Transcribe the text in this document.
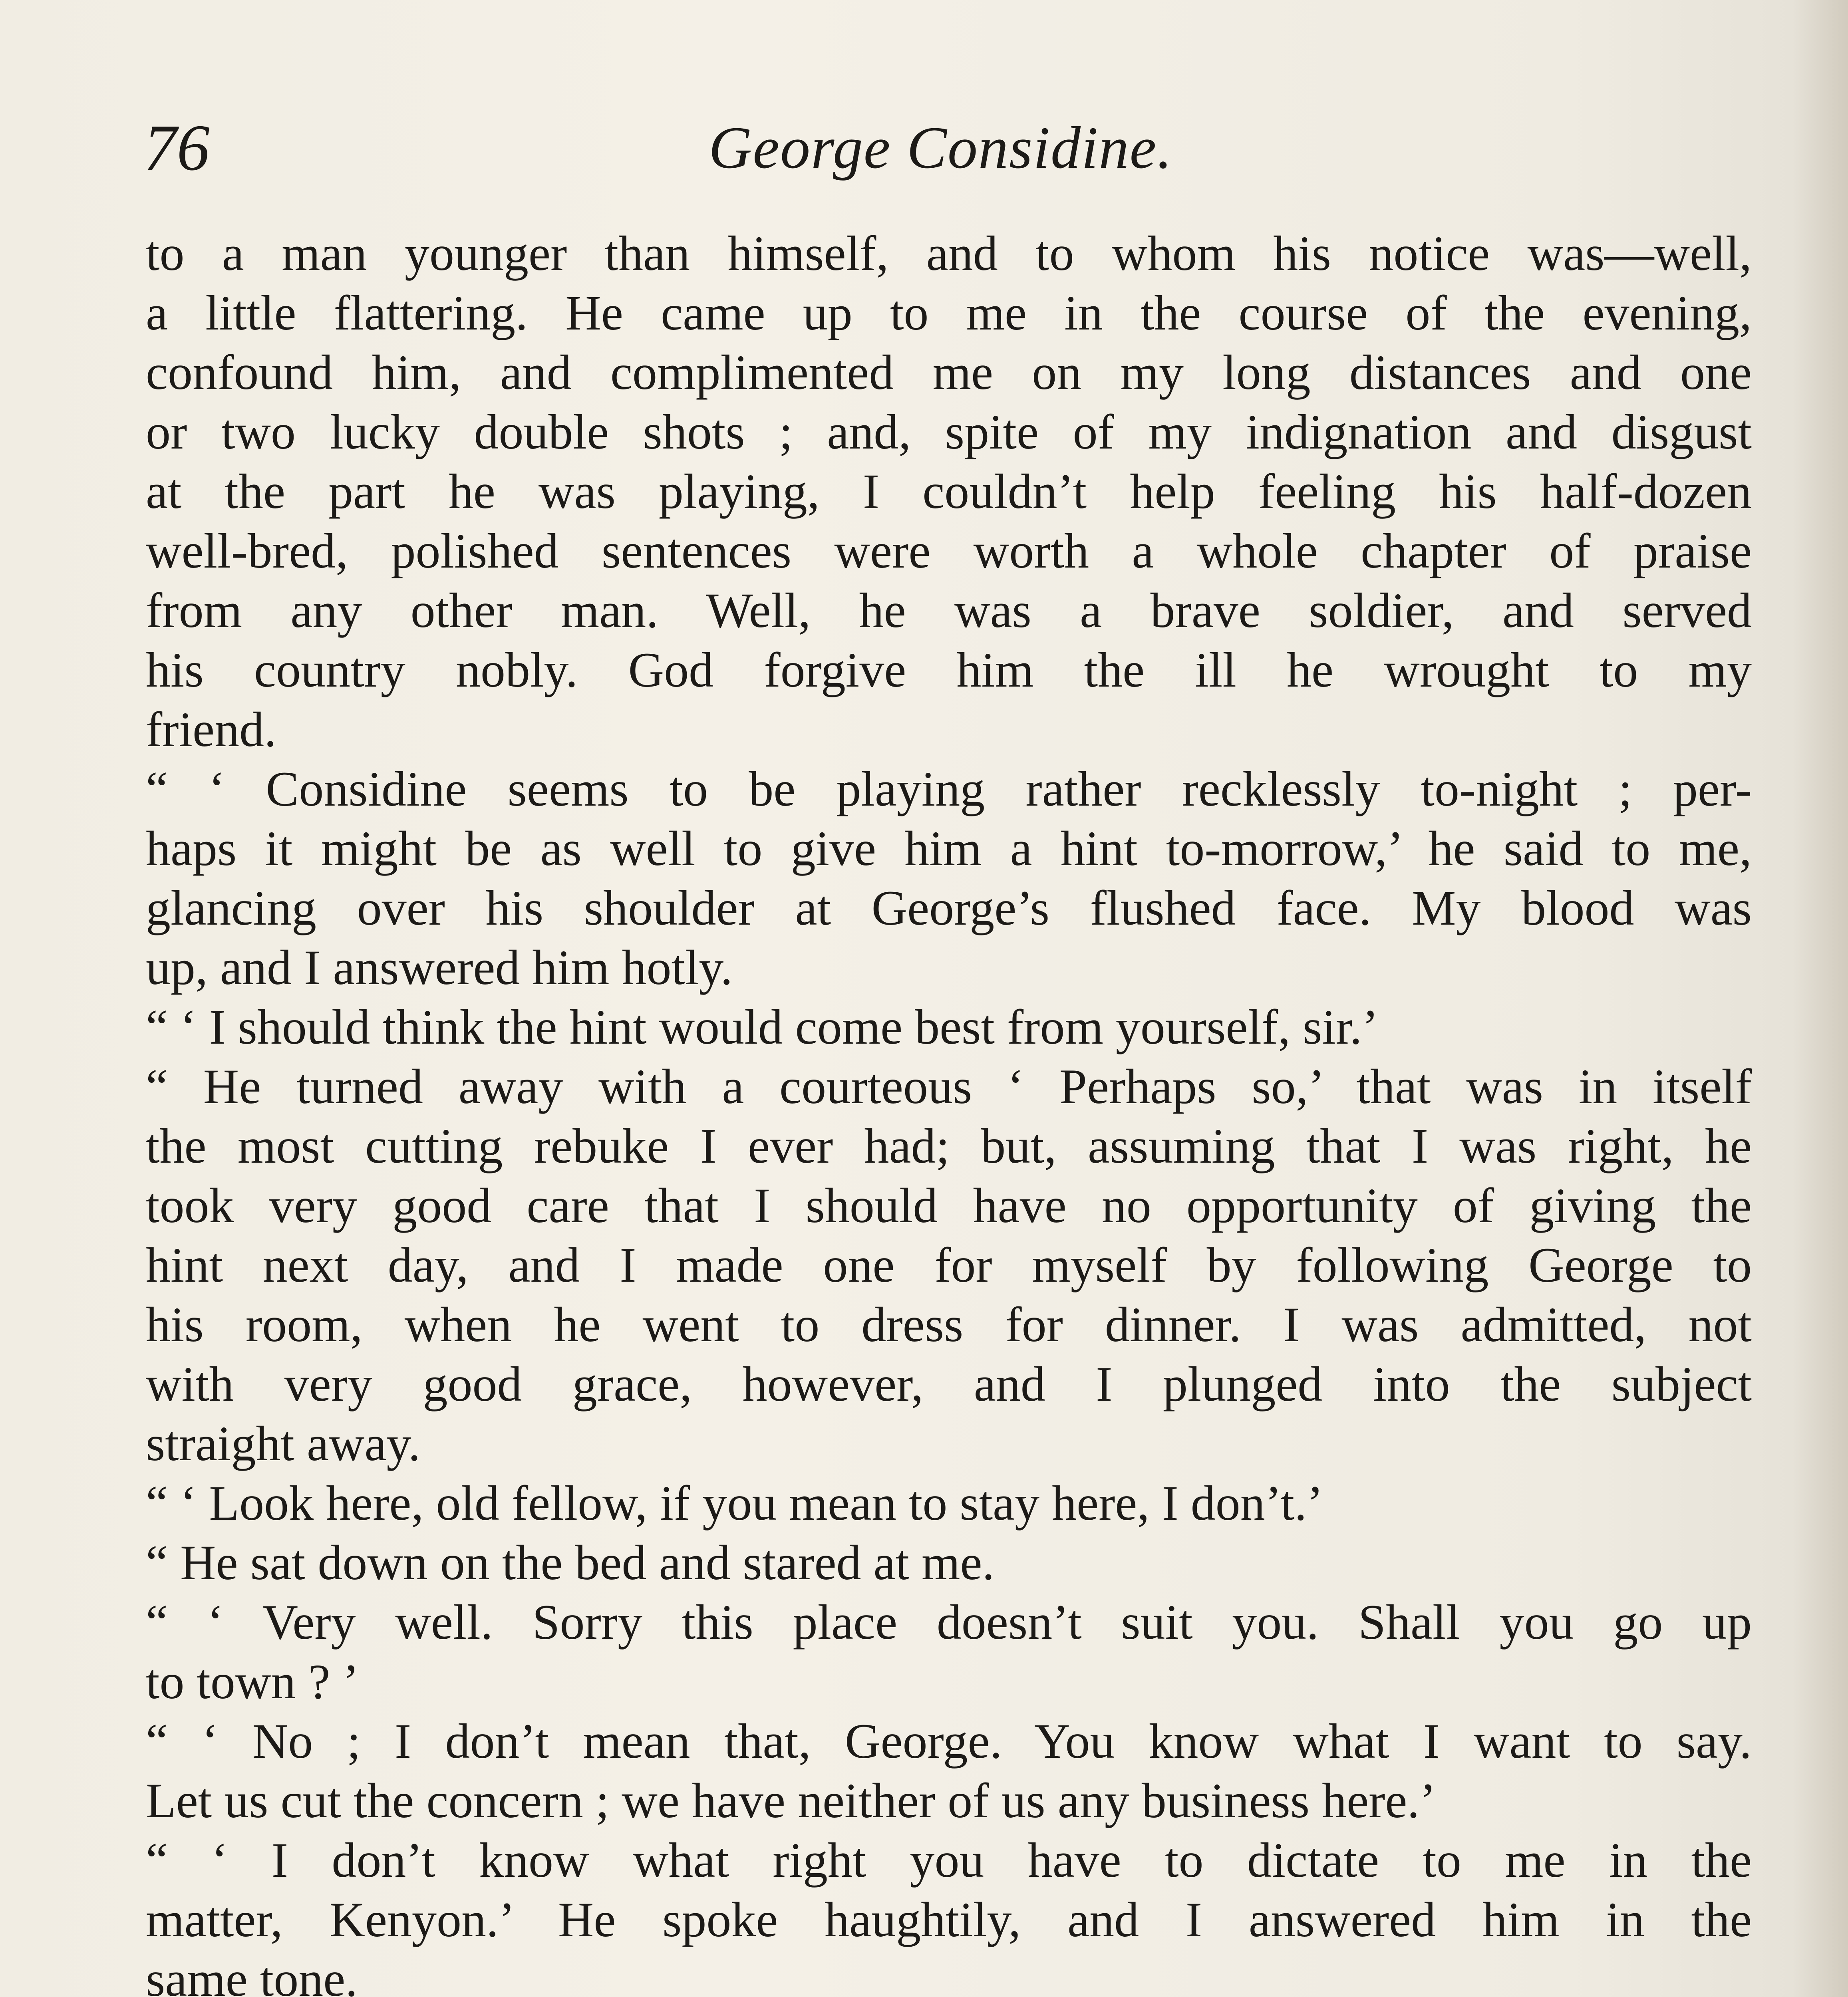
76	George Considine.
to a man younger than himself, and to whom his notice was—well,
a little flattering. He came up to me in the course of the evening,
confound him, and complimented me on my long distances and one
or two lucky double shots ; and, spite of my indignation and disgust
at the part he was playing, I couldn’t help feeling his half-dozen
well-bred, polished sentences were worth a whole chapter of praise
from any other man. Well, he was a brave soldier, and served
his country nobly. God forgive him the ill he wrought to my
friend.
“ ‘ Considine seems to be playing rather recklessly to-night ; per-
haps it might be as well to give him a hint to-morrow,’ he said to me,
glancing over his shoulder at George’s flushed face. My blood was
up, and I answered him hotly.
“ ‘ I should think the hint would come best from yourself, sir.’
“ He turned away with a courteous ‘ Perhaps so,’ that was in itself
the most cutting rebuke I ever had; but, assuming that I was right, he
took very good care that I should have no opportunity of giving the
hint next day, and I made one for myself by following George to
his room, when he went to dress for dinner. I was admitted, not
with very good grace, however, and I plunged into the subject
straight away.
“ ‘ Look here, old fellow, if you mean to stay here, I don’t.’
“ He sat down on the bed and stared at me.
“ ‘ Very well. Sorry this place doesn’t suit you. Shall you go up
to town ? ’
“ ‘ No ; I don’t mean that, George. You know what I want to say.
Let us cut the concern ; we have neither of us any business here.’
“ ‘ I don’t know what right you have to dictate to me in the
matter, Kenyon.’ He spoke haughtily, and I answered him in the
same tone.
